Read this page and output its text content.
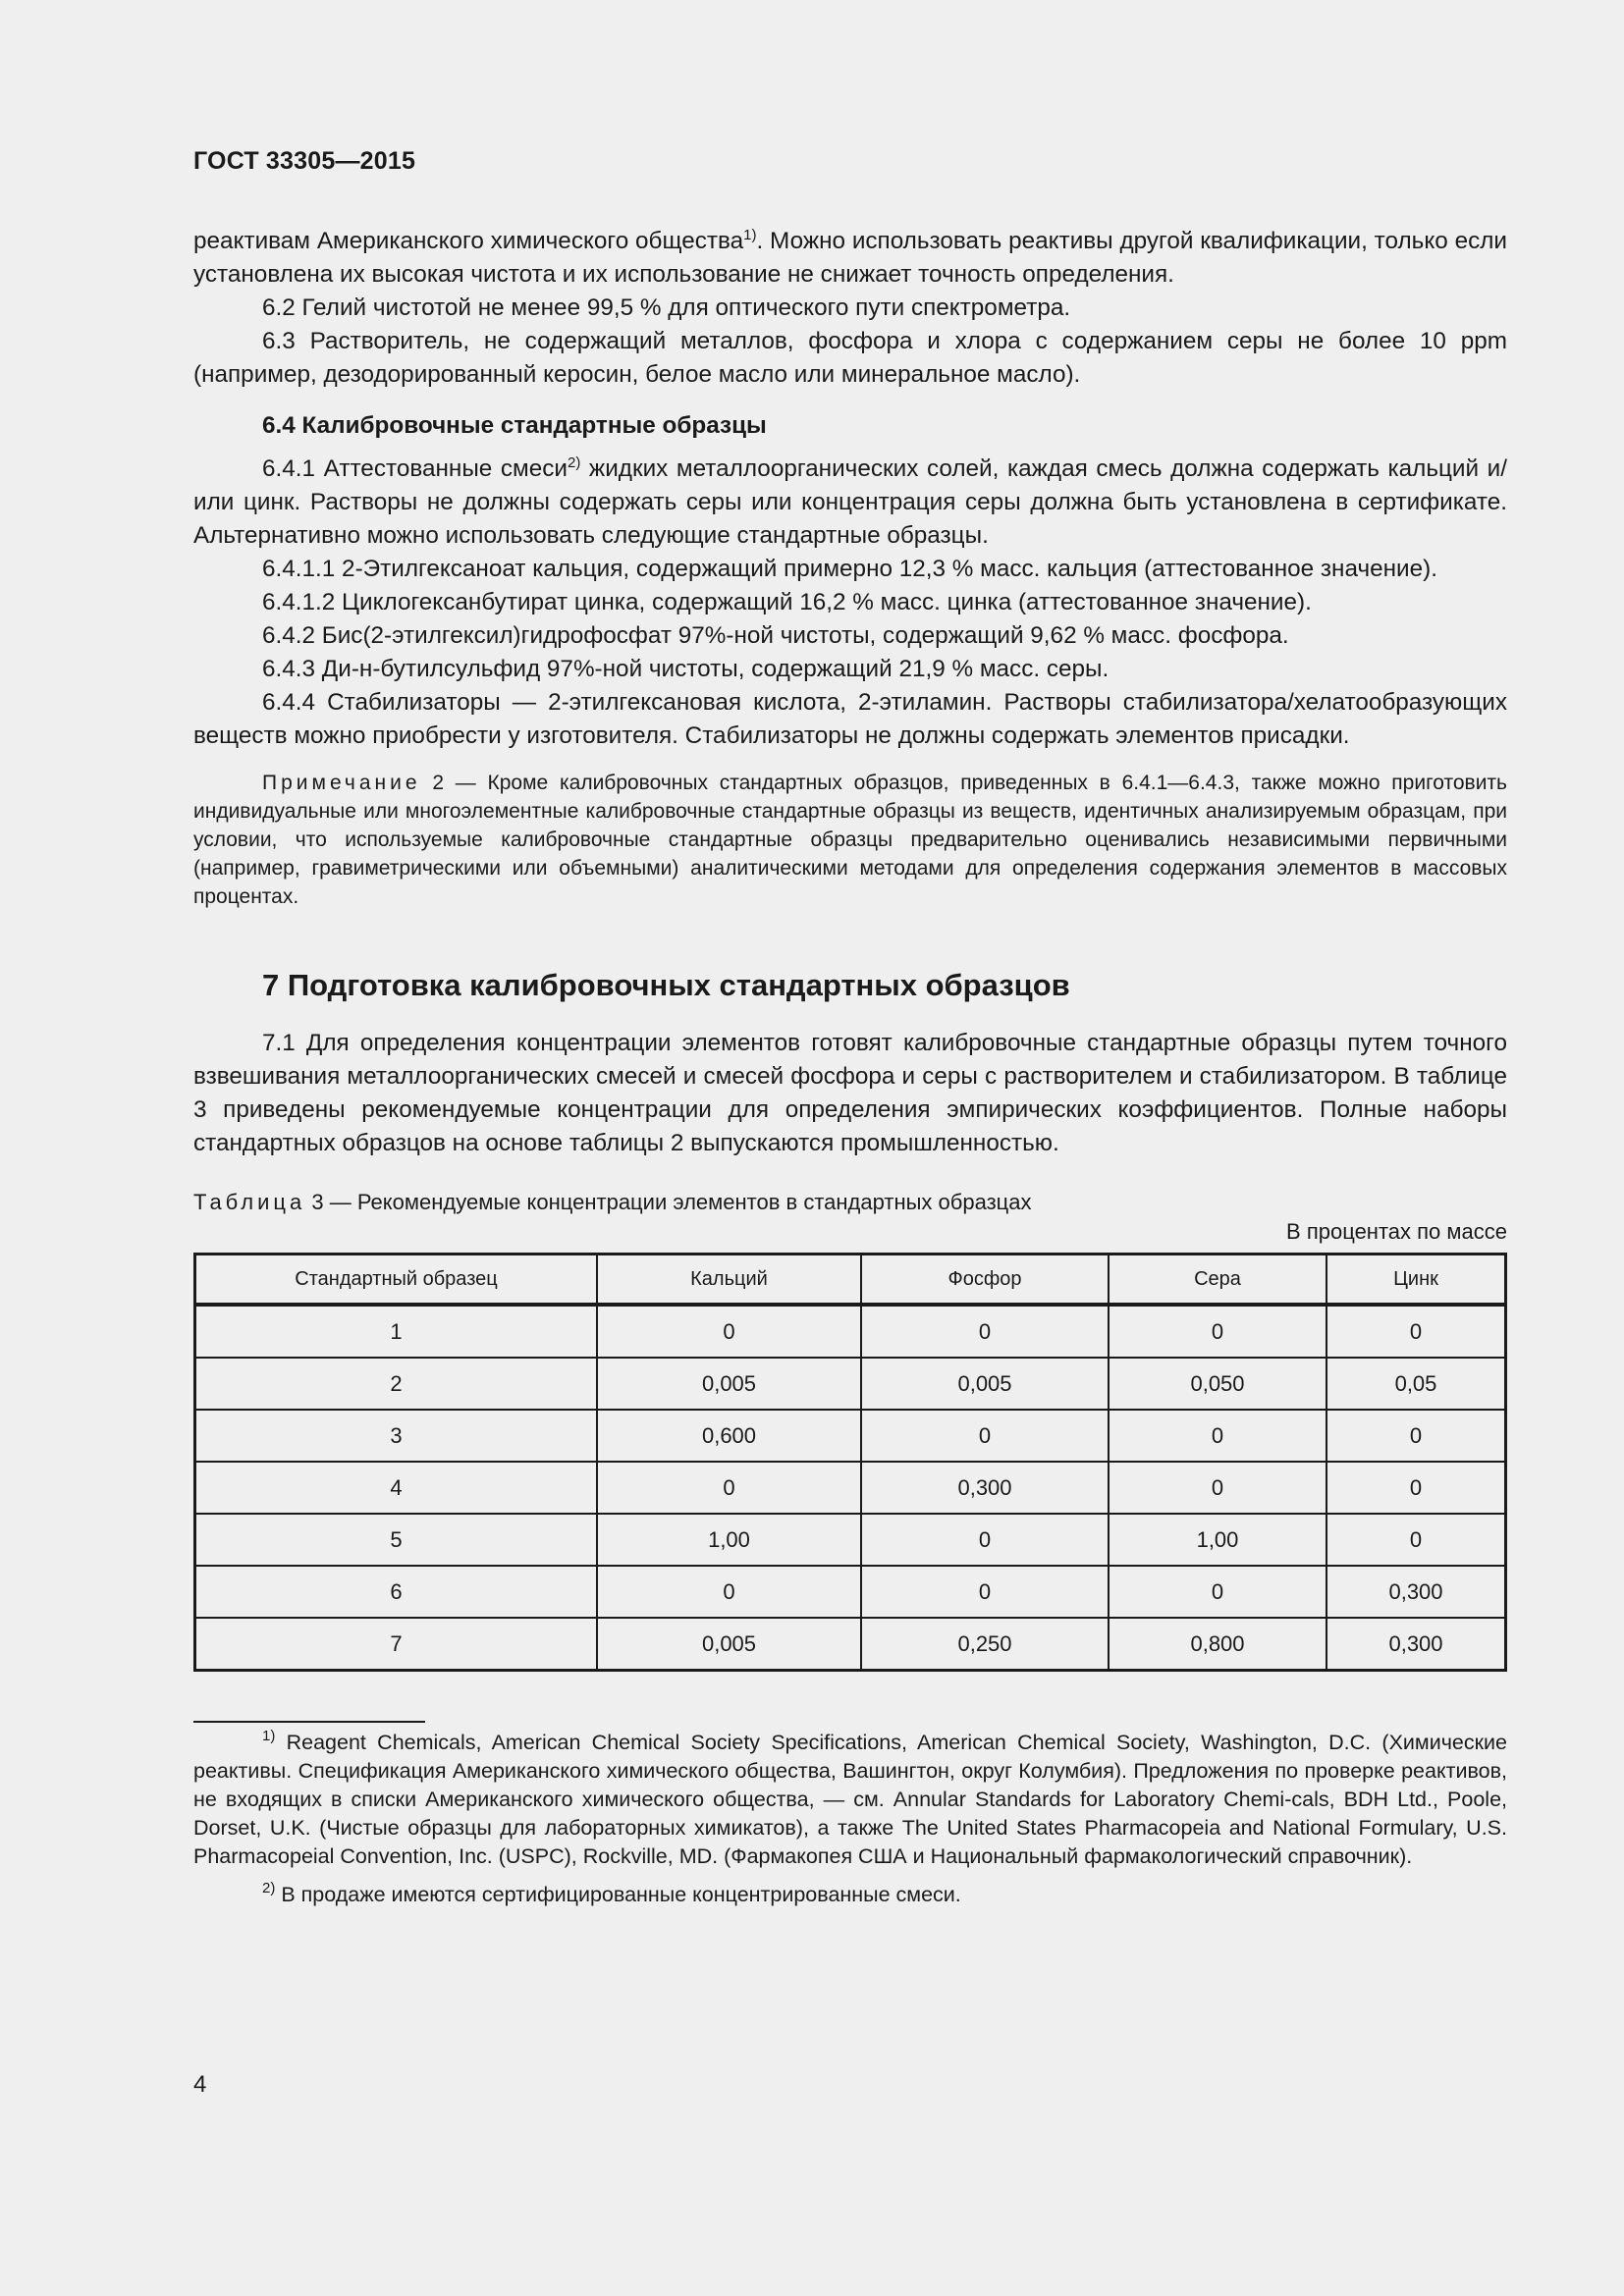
ГОСТ 33305—2015

реактивам Американского химического общества$^{1)}$. Можно использовать реактивы другой квалификации, только если установлена их высокая чистота и их использование не снижает точность определения.

6.2 Гелий чистотой не менее 99,5 % для оптического пути спектрометра.

6.3 Растворитель, не содержащий металлов, фосфора и хлора с содержанием серы не более 10 ppm (например, дезодорированный керосин, белое масло или минеральное масло).

6.4 Калибровочные стандартные образцы

6.4.1 Аттестованные смеси$^{2)}$ жидких металлоорганических солей, каждая смесь должна содержать кальций и/или цинк. Растворы не должны содержать серы или концентрация серы должна быть установлена в сертификате. Альтернативно можно использовать следующие стандартные образцы.

6.4.1.1 2-Этилгексаноат кальция, содержащий примерно 12,3 % масс. кальция (аттестованное значение).

6.4.1.2 Циклогексанбутират цинка, содержащий 16,2 % масс. цинка (аттестованное значение).

6.4.2 Бис(2-этилгексил)гидрофосфат 97%-ной чистоты, содержащий 9,62 % масс. фосфора.

6.4.3 Ди-н-бутилсульфид 97%-ной чистоты, содержащий 21,9 % масс. серы.

6.4.4 Стабилизаторы — 2-этилгексановая кислота, 2-этиламин. Растворы стабилизатора/хелатообразующих веществ можно приобрести у изготовителя. Стабилизаторы не должны содержать элементов присадки.

Примечание 2 — Кроме калибровочных стандартных образцов, приведенных в 6.4.1—6.4.3, также можно приготовить индивидуальные или многоэлементные калибровочные стандартные образцы из веществ, идентичных анализируемым образцам, при условии, что используемые калибровочные стандартные образцы предварительно оценивались независимыми первичными (например, гравиметрическими или объемными) аналитическими методами для определения содержания элементов в массовых процентах.

7 Подготовка калибровочных стандартных образцов

7.1 Для определения концентрации элементов готовят калибровочные стандартные образцы путем точного взвешивания металлоорганических смесей и смесей фосфора и серы с растворителем и стабилизатором. В таблице 3 приведены рекомендуемые концентрации для определения эмпирических коэффициентов. Полные наборы стандартных образцов на основе таблицы 2 выпускаются промышленностью.

Таблица 3 — Рекомендуемые концентрации элементов в стандартных образцах

В процентах по массе

Стандартный образец	Кальций	Фосфор	Сера	Цинк
1	0	0	0	0
2	0,005	0,005	0,050	0,05
3	0,600	0	0	0
4	0	0,300	0	0
5	1,00	0	1,00	0
6	0	0	0	0,300
7	0,005	0,250	0,800	0,300

$^{1)}$ Reagent Chemicals, American Chemical Society Specifications, American Chemical Society, Washington, D.C. (Химические реактивы. Спецификация Американского химического общества, Вашингтон, округ Колумбия). Предложения по проверке реактивов, не входящих в списки Американского химического общества, — см. Annular Standards for Laboratory Chemi-cals, BDH Ltd., Poole, Dorset, U.K. (Чистые образцы для лабораторных химикатов), а также The United States Pharmacopeia and National Formulary, U.S. Pharmacopeial Convention, Inc. (USPC), Rockville, MD. (Фармакопея США и Национальный фармакологический справочник).

$^{2)}$ В продаже имеются сертифицированные концентрированные смеси.

4
